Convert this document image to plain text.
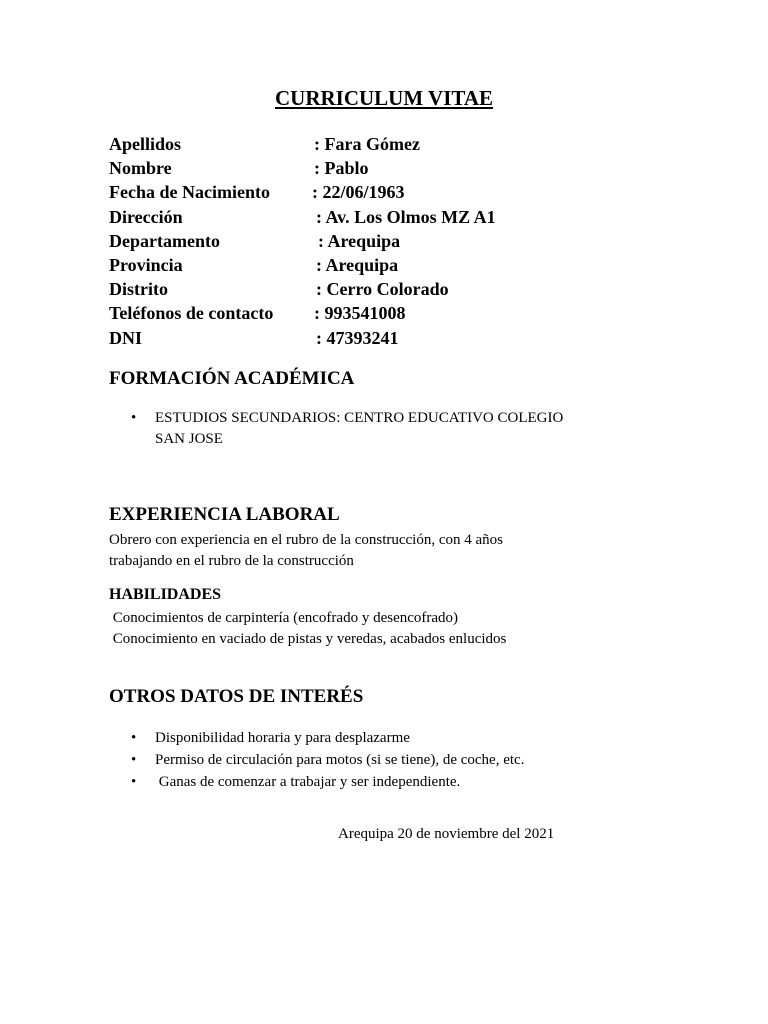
CURRICULUM VITAE
Apellidos	: Fara Gómez
Nombre	: Pablo
Fecha de Nacimiento : 22/06/1963
Dirección	: Av. Los Olmos MZ A1
Departamento	: Arequipa
Provincia	: Arequipa
Distrito	: Cerro Colorado
Teléfonos de contacto : 993541008
DNI	: 47393241
FORMACIÓN ACADÉMICA
• ESTUDIOS SECUNDARIOS: CENTRO EDUCATIVO COLEGIO
SAN JOSE
EXPERIENCIA LABORAL

Obrero con experiencia en el rubro de la construcción, con 4 años
trabajando en el rubro de la construcción

HABILIDADES

Conocimientos de carpintería (encofrado y desencofrado)
Conocimiento en vaciado de pistas y veredas, acabados enlucidos

OTROS DATOS DE INTERÉS
• Disponibilidad horaria y para desplazarme
• Permiso de circulación para motos (si se tiene), de coche, etc.
• Ganas de comenzar a trabajar y ser independiente.

Arequipa 20 de noviembre del 2021
